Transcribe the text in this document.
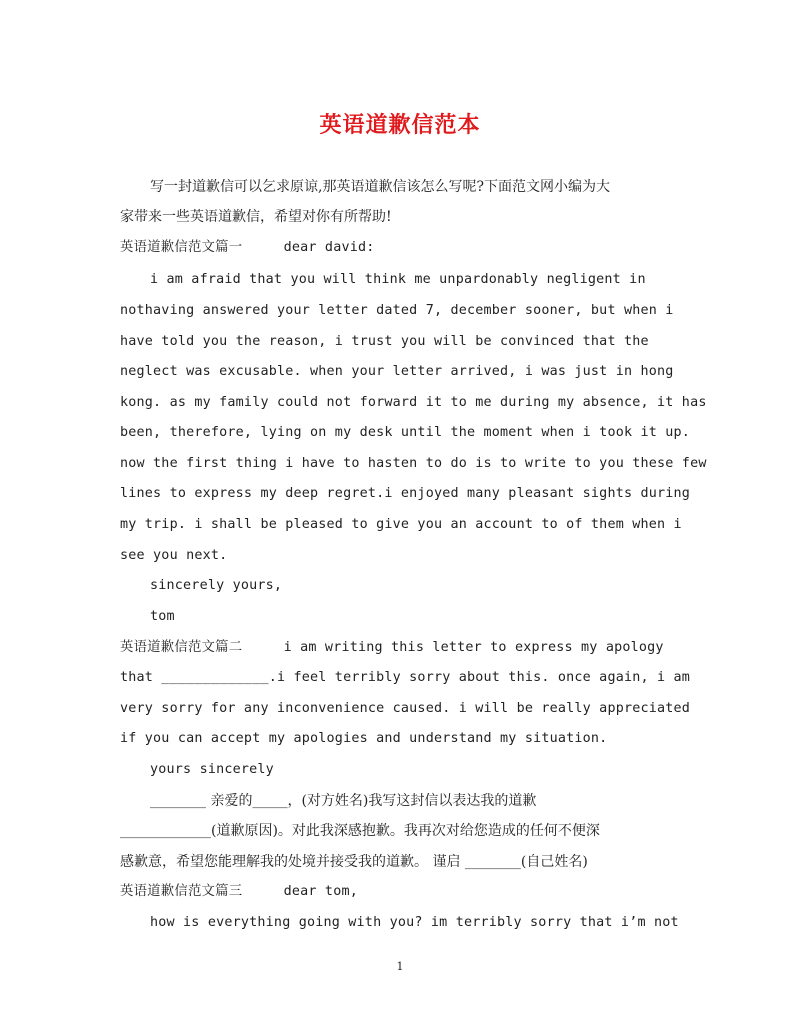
英语道歉信范本
写一封道歉信可以乞求原谅,那英语道歉信该怎么写呢?下面范文网小编为大
家带来一些英语道歉信，希望对你有所帮助!
英语道歉信范文篇一     dear david:
i am afraid that you will think me unpardonably negligent in
nothaving answered your letter dated 7, december sooner, but when i
have told you the reason, i trust you will be convinced that the
neglect was excusable. when your letter arrived, i was just in hong
kong. as my family could not forward it to me during my absence, it has
been, therefore, lying on my desk until the moment when i took it up.
now the first thing i have to hasten to do is to write to you these few
lines to express my deep regret.i enjoyed many pleasant sights during
my trip. i shall be pleased to give you an account to of them when i
see you next.
sincerely yours,
tom
英语道歉信范文篇二     i am writing this letter to express my apology
that _____________.i feel terribly sorry about this. once again, i am
very sorry for any inconvenience caused. i will be really appreciated
if you can accept my apologies and understand my situation.
yours sincerely
________ 亲爱的_____，(对方姓名)我写这封信以表达我的道歉
_____________(道歉原因)。对此我深感抱歉。我再次对给您造成的任何不便深
感歉意，希望您能理解我的处境并接受我的道歉。 谨启 ________(自己姓名)
英语道歉信范文篇三     dear tom,
how is everything going with you? im terribly sorry that i’m not
1
